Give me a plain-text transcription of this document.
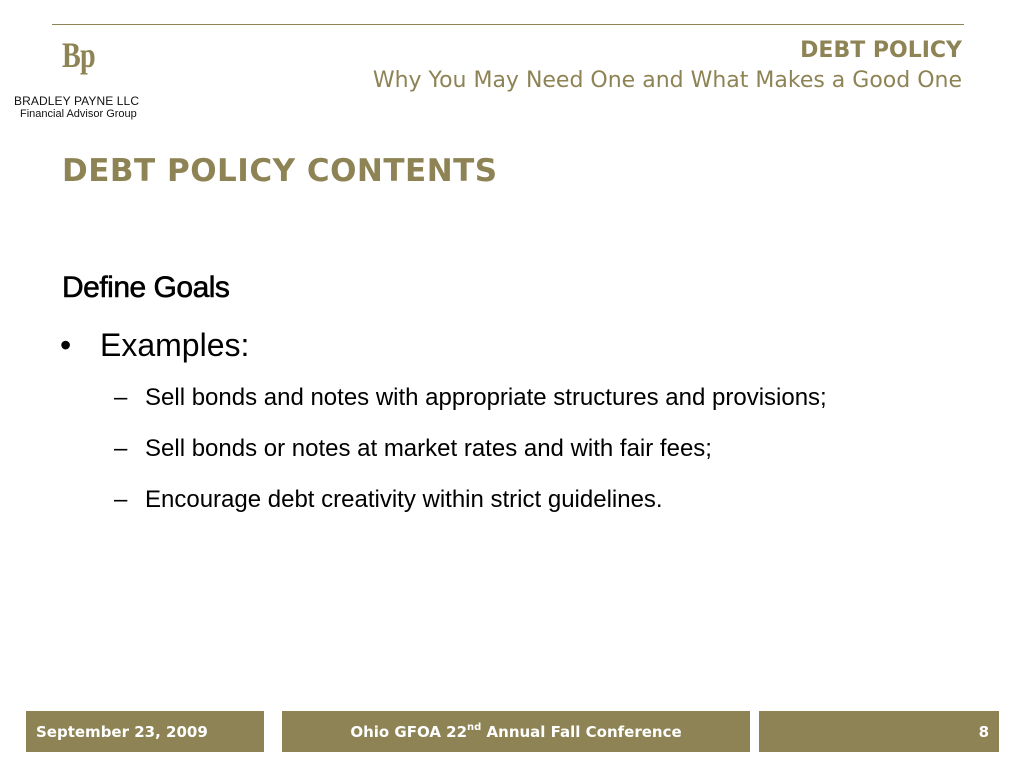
Bp
BRADLEY PAYNE LLC
Financial Advisor Group
DEBT POLICY
Why You May Need One and What Makes a Good One
DEBT POLICY CONTENTS
Define Goals
• Examples:
– Sell bonds and notes with appropriate structures and provisions;
– Sell bonds or notes at market rates and with fair fees;
– Encourage debt creativity within strict guidelines.
September 23, 2009	Ohio GFOA 22nd Annual Fall Conference	8
